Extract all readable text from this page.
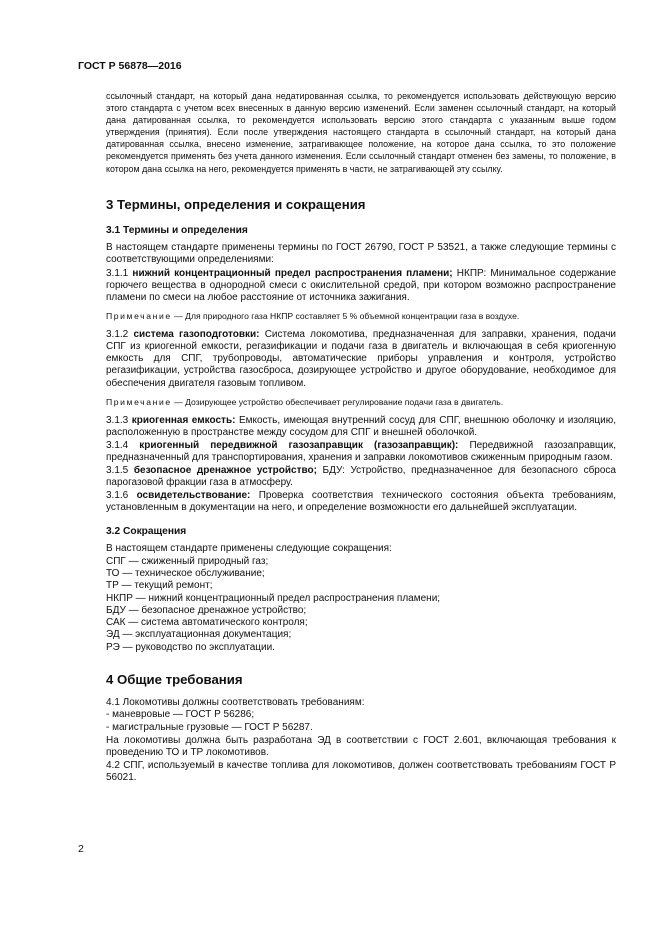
ГОСТ Р 56878—2016

ссылочный стандарт, на который дана недатированная ссылка, то рекомендуется использовать действующую версию этого стандарта с учетом всех внесенных в данную версию изменений. Если заменен ссылочный стандарт, на который дана датированная ссылка, то рекомендуется использовать версию этого стандарта с указанным выше годом утверждения (принятия). Если после утверждения настоящего стандарта в ссылочный стандарт, на который дана датированная ссылка, внесено изменение, затрагивающее положение, на которое дана ссылка, то это положение рекомендуется применять без учета данного изменения. Если ссылочный стандарт отменен без замены, то положение, в котором дана ссылка на него, рекомендуется применять в части, не затрагивающей эту ссылку.

3 Термины, определения и сокращения
3.1 Термины и определения

В настоящем стандарте применены термины по ГОСТ 26790, ГОСТ Р 53521, а также следующие термины с соответствующими определениями:

3.1.1 нижний концентрационный предел распространения пламени; НКПР: Минимальное содержание горючего вещества в однородной смеси с окислительной средой, при котором возможно распространение пламени по смеси на любое расстояние от источника зажигания.

Примечание — Для природного газа НКПР составляет 5 % объемной концентрации газа в воздухе.

3.1.2 система газоподготовки: Система локомотива, предназначенная для заправки, хранения, подачи СПГ из криогенной емкости, регазификации и подачи газа в двигатель и включающая в себя криогенную емкость для СПГ, трубопроводы, автоматические приборы управления и контроля, устройство регазификации, устройства газосброса, дозирующее устройство и другое оборудование, необходимое для обеспечения двигателя газовым топливом.

Примечание — Дозирующее устройство обеспечивает регулирование подачи газа в двигатель.

3.1.3 криогенная емкость: Емкость, имеющая внутренний сосуд для СПГ, внешнюю оболочку и изоляцию, расположенную в пространстве между сосудом для СПГ и внешней оболочкой.

3.1.4 криогенный передвижной газозаправщик (газозаправщик): Передвижной газозаправщик, предназначенный для транспортирования, хранения и заправки локомотивов сжиженным природным газом.

3.1.5 безопасное дренажное устройство; БДУ: Устройство, предназначенное для безопасного сброса парогазовой фракции газа в атмосферу.

3.1.6 освидетельствование: Проверка соответствия технического состояния объекта требованиям, установленным в документации на него, и определение возможности его дальнейшей эксплуатации.

3.2 Сокращения

В настоящем стандарте применены следующие сокращения:

СПГ — сжиженный природный газ;

ТО — техническое обслуживание;

ТР — текущий ремонт;

НКПР — нижний концентрационный предел распространения пламени;

БДУ — безопасное дренажное устройство;

САК — система автоматического контроля;

ЭД — эксплуатационная документация;

РЭ — руководство по эксплуатации.

4 Общие требования

4.1 Локомотивы должны соответствовать требованиям:

- маневровые — ГОСТ Р 56286;

- магистральные грузовые — ГОСТ Р 56287.

На локомотивы должна быть разработана ЭД в соответствии с ГОСТ 2.601, включающая требования к проведению ТО и ТР локомотивов.

4.2 СПГ, используемый в качестве топлива для локомотивов, должен соответствовать требованиям ГОСТ Р 56021.

2
